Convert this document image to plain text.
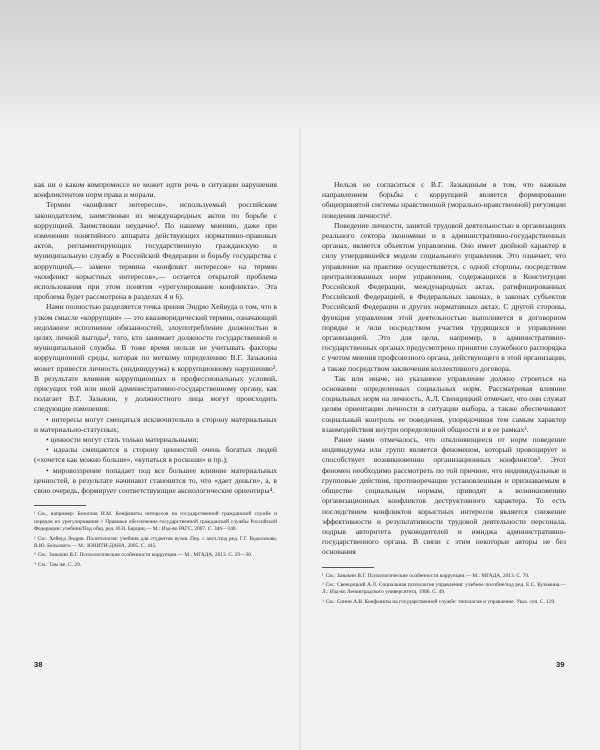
как ни о каком компромиссе не может идти речь в ситуации нарушения конфликтентом норм права и морали.

Термин «конфликт интересов», используемый российским законодателем, заимствован из международных актов по борьбе с коррупцией. Заимствован неудачно¹. По нашему мнению, даже при изменении понятийного аппарата действующих нормативно-правовых актов, регламентирующих государственную гражданскую и муниципальную службу в Российской Федерации и борьбу государства с коррупцией,— замене термина «конфликт интересов» на термин «конфликт корыстных интересов»,— остается открытой проблема использования при этом понятия «урегулирование конфликта». Эта проблема будет рассмотрена в разделах 4 и 6).

Нами полностью разделяется точка зрения Эндрю Хейвуда о том, что в узком смысле «коррупция» — это квазиюридический термин, означающий недолжное исполнение обязанностей, злоупотребление должностью в целях личной выгоды², того, кто занимает должности государственной и муниципальной службы. В тоже время нельзя не учитывать факторы коррупционной среды, которая по меткому определению В.Г. Зазыкина может привести личность (индивидуума) к коррупционному нарушению³. В результате влияния коррупционных и профессиональных условий, присущих той или иной административно-государственному органу, как полагает В.Г. Зазыкин, у должностного лица могут происходить следующие изменения:

• интересы могут смещаться исключительно в сторону материальных и материально-статусных;

• ценности могут стать только материальными;

• идеалы смещаются в сторону ценностей очень богатых людей («хочется как можно больше», «купаться в роскоши» и пр.);

• мировоззрение попадает под все большее влияние материальных ценностей, в результате начинают становится то, что «дает деньги», а, в свою очередь, формирует соответствующие аксиологические ориентиры⁴.

¹ См., например: Безоглов И.М. Конфликты интересов на государственной гражданской службе и порядок их урегулирования // Правовое обеспечение государственной гражданской службы Российской Федерации: учебник/Под общ. ред. И.Н. Барциц.— М.: Изд-во РАГС, 2007. С. 346—348.

² См.: Хейвуд Эндрю. Политология: учебник для студентов вузов. Пер. с англ./под ред. Г.Г. Водолазова, В.Ю. Бельского.— М.: ЮНИТИ-ДАНА, 2005. С. 445.

³ См.: Зазыкин В.Г. Психологические особенности коррупции.— М.: МГАДА, 2013. С. 29—30.

⁴ См.: Там же. С. 29.

Нельзя не согласиться с В.Г. Зазыкиным в том, что важным направлением борьбы с коррупцией является формирование общепринятой системы нравственной (морально-нравственной) регуляции поведения личности¹.

Поведение личности, занятой трудовой деятельностью в организациях реального сектора экономики и в административно-государственных органах, является объектом управления. Оно имеет двойной характер в силу утвердившейся модели социального управления. Это означает, что управление на практике осуществляется, с одной стороны, посредством централизованных норм управления, содержащихся в Конституции Российской Федерации, международных актах, ратифицированных Российской Федерацией, в Федеральных законах, в законах субъектов Российской Федерации и других нормативных актах. С другой стороны, функция управления этой деятельностью выполняется в договорном порядке и /или посредством участия трудящихся в управлении организацией. Это для цели, например, в административно-государственных органах предусмотрено принятие служебного распорядка с учетом мнения профсоюзного органа, действующего в этой организации, а также посредством заключения коллективного договора.

Так или иначе, но указанное управление должно строиться на основании определенных социальных норм. Рассматривая влияние социальных норм на личность, А.Л. Свенцицкий отмечает, что они служат целям ориентации личности в ситуации выбора, а также обеспечивают социальный контроль ее поведения, упорядочивая тем самым характер взаимодействия внутри определенной общности и в ее рамках².

Ранее нами отмечалось, что отклоняющееся от норм поведение индивидуума или групп является феноменом, который провоцирует и способствует возникновению организационных конфликтов³. Этот феномен необходимо рассмотреть по той причине, что индивидуальные и групповые действия, противоречащие установленным и признаваемым в обществе социальным нормам, приводят к возникновению организационных конфликтов деструктивного характера. То есть последствием конфликтов корыстных интересов является снижение эффективности и результативности трудовой деятельности персонала, подрыв авторитета руководителей и имиджа административно-государственного органа. В связи с этим некоторые авторы не без основания

¹ См.: Зазыкин В.Г. Психологические особенности коррупции.— М.: МГАДА, 2013. С. 70.

² См.: Свенцицкий А.Л. Социальная психология управления: учебное пособие/под ред. Е.С. Кузьмина.— Л.: Изд-во Ленинградского университета, 1986. С. 49.

³ См.: Сонин А.В. Конфликты на государственной службе: типология и управление. Указ. соч. С. 129.

38	39
